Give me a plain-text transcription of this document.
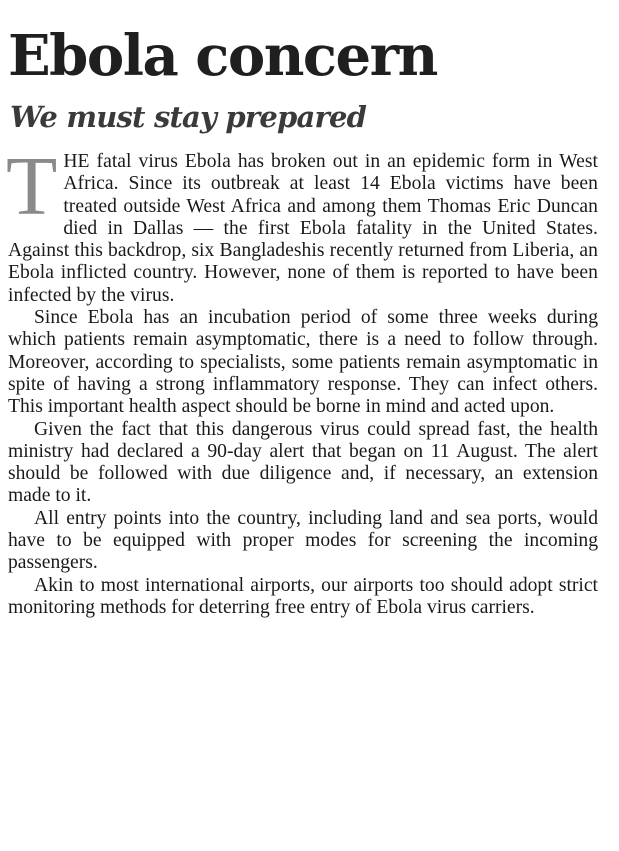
Ebola concern
We must stay prepared

THE fatal virus Ebola has broken out in an epidemic form in West Africa. Since its outbreak at least 14 Ebola victims have been treated outside West Africa and among them Thomas Eric Duncan died in Dallas — the first Ebola fatality in the United States. Against this backdrop, six Bangladeshis recently returned from Liberia, an Ebola inflicted country. However, none of them is reported to have been infected by the virus.

Since Ebola has an incubation period of some three weeks during which patients remain asymptomatic, there is a need to follow through. Moreover, according to specialists, some patients remain asymptomatic in spite of having a strong inflammatory response. They can infect others. This important health aspect should be borne in mind and acted upon.

Given the fact that this dangerous virus could spread fast, the health ministry had declared a 90-day alert that began on 11 August. The alert should be followed with due diligence and, if necessary, an extension made to it.

All entry points into the country, including land and sea ports, would have to be equipped with proper modes for screening the incoming passengers.

Akin to most international airports, our airports too should adopt strict monitoring methods for deterring free entry of Ebola virus carriers.
